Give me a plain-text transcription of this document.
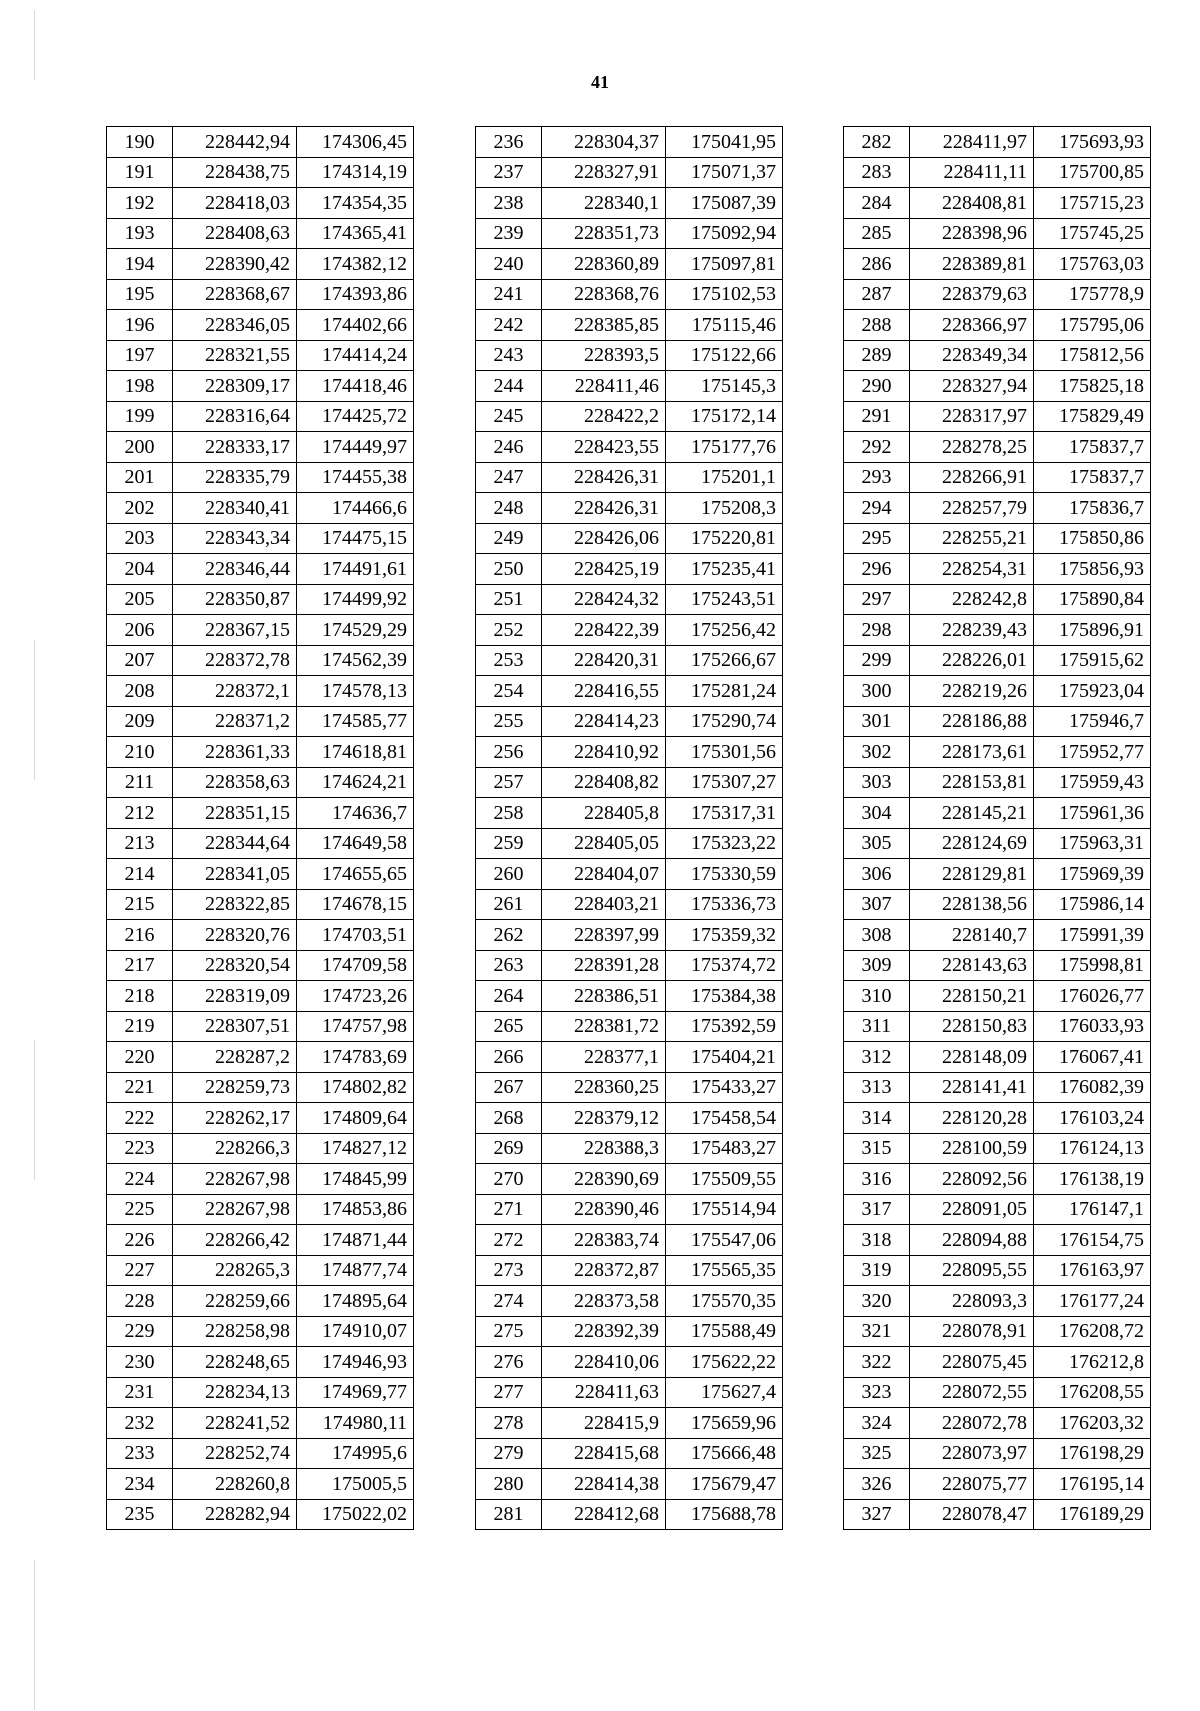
41
190	228442,94	174306,45
191	228438,75	174314,19
192	228418,03	174354,35
193	228408,63	174365,41
194	228390,42	174382,12
195	228368,67	174393,86
196	228346,05	174402,66
197	228321,55	174414,24
198	228309,17	174418,46
199	228316,64	174425,72
200	228333,17	174449,97
201	228335,79	174455,38
202	228340,41	174466,6
203	228343,34	174475,15
204	228346,44	174491,61
205	228350,87	174499,92
206	228367,15	174529,29
207	228372,78	174562,39
208	228372,1	174578,13
209	228371,2	174585,77
210	228361,33	174618,81
211	228358,63	174624,21
212	228351,15	174636,7
213	228344,64	174649,58
214	228341,05	174655,65
215	228322,85	174678,15
216	228320,76	174703,51
217	228320,54	174709,58
218	228319,09	174723,26
219	228307,51	174757,98
220	228287,2	174783,69
221	228259,73	174802,82
222	228262,17	174809,64
223	228266,3	174827,12
224	228267,98	174845,99
225	228267,98	174853,86
226	228266,42	174871,44
227	228265,3	174877,74
228	228259,66	174895,64
229	228258,98	174910,07
230	228248,65	174946,93
231	228234,13	174969,77
232	228241,52	174980,11
233	228252,74	174995,6
234	228260,8	175005,5
235	228282,94	175022,02
236	228304,37	175041,95
237	228327,91	175071,37
238	228340,1	175087,39
239	228351,73	175092,94
240	228360,89	175097,81
241	228368,76	175102,53
242	228385,85	175115,46
243	228393,5	175122,66
244	228411,46	175145,3
245	228422,2	175172,14
246	228423,55	175177,76
247	228426,31	175201,1
248	228426,31	175208,3
249	228426,06	175220,81
250	228425,19	175235,41
251	228424,32	175243,51
252	228422,39	175256,42
253	228420,31	175266,67
254	228416,55	175281,24
255	228414,23	175290,74
256	228410,92	175301,56
257	228408,82	175307,27
258	228405,8	175317,31
259	228405,05	175323,22
260	228404,07	175330,59
261	228403,21	175336,73
262	228397,99	175359,32
263	228391,28	175374,72
264	228386,51	175384,38
265	228381,72	175392,59
266	228377,1	175404,21
267	228360,25	175433,27
268	228379,12	175458,54
269	228388,3	175483,27
270	228390,69	175509,55
271	228390,46	175514,94
272	228383,74	175547,06
273	228372,87	175565,35
274	228373,58	175570,35
275	228392,39	175588,49
276	228410,06	175622,22
277	228411,63	175627,4
278	228415,9	175659,96
279	228415,68	175666,48
280	228414,38	175679,47
281	228412,68	175688,78
282	228411,97	175693,93
283	228411,11	175700,85
284	228408,81	175715,23
285	228398,96	175745,25
286	228389,81	175763,03
287	228379,63	175778,9
288	228366,97	175795,06
289	228349,34	175812,56
290	228327,94	175825,18
291	228317,97	175829,49
292	228278,25	175837,7
293	228266,91	175837,7
294	228257,79	175836,7
295	228255,21	175850,86
296	228254,31	175856,93
297	228242,8	175890,84
298	228239,43	175896,91
299	228226,01	175915,62
300	228219,26	175923,04
301	228186,88	175946,7
302	228173,61	175952,77
303	228153,81	175959,43
304	228145,21	175961,36
305	228124,69	175963,31
306	228129,81	175969,39
307	228138,56	175986,14
308	228140,7	175991,39
309	228143,63	175998,81
310	228150,21	176026,77
311	228150,83	176033,93
312	228148,09	176067,41
313	228141,41	176082,39
314	228120,28	176103,24
315	228100,59	176124,13
316	228092,56	176138,19
317	228091,05	176147,1
318	228094,88	176154,75
319	228095,55	176163,97
320	228093,3	176177,24
321	228078,91	176208,72
322	228075,45	176212,8
323	228072,55	176208,55
324	228072,78	176203,32
325	228073,97	176198,29
326	228075,77	176195,14
327	228078,47	176189,29
